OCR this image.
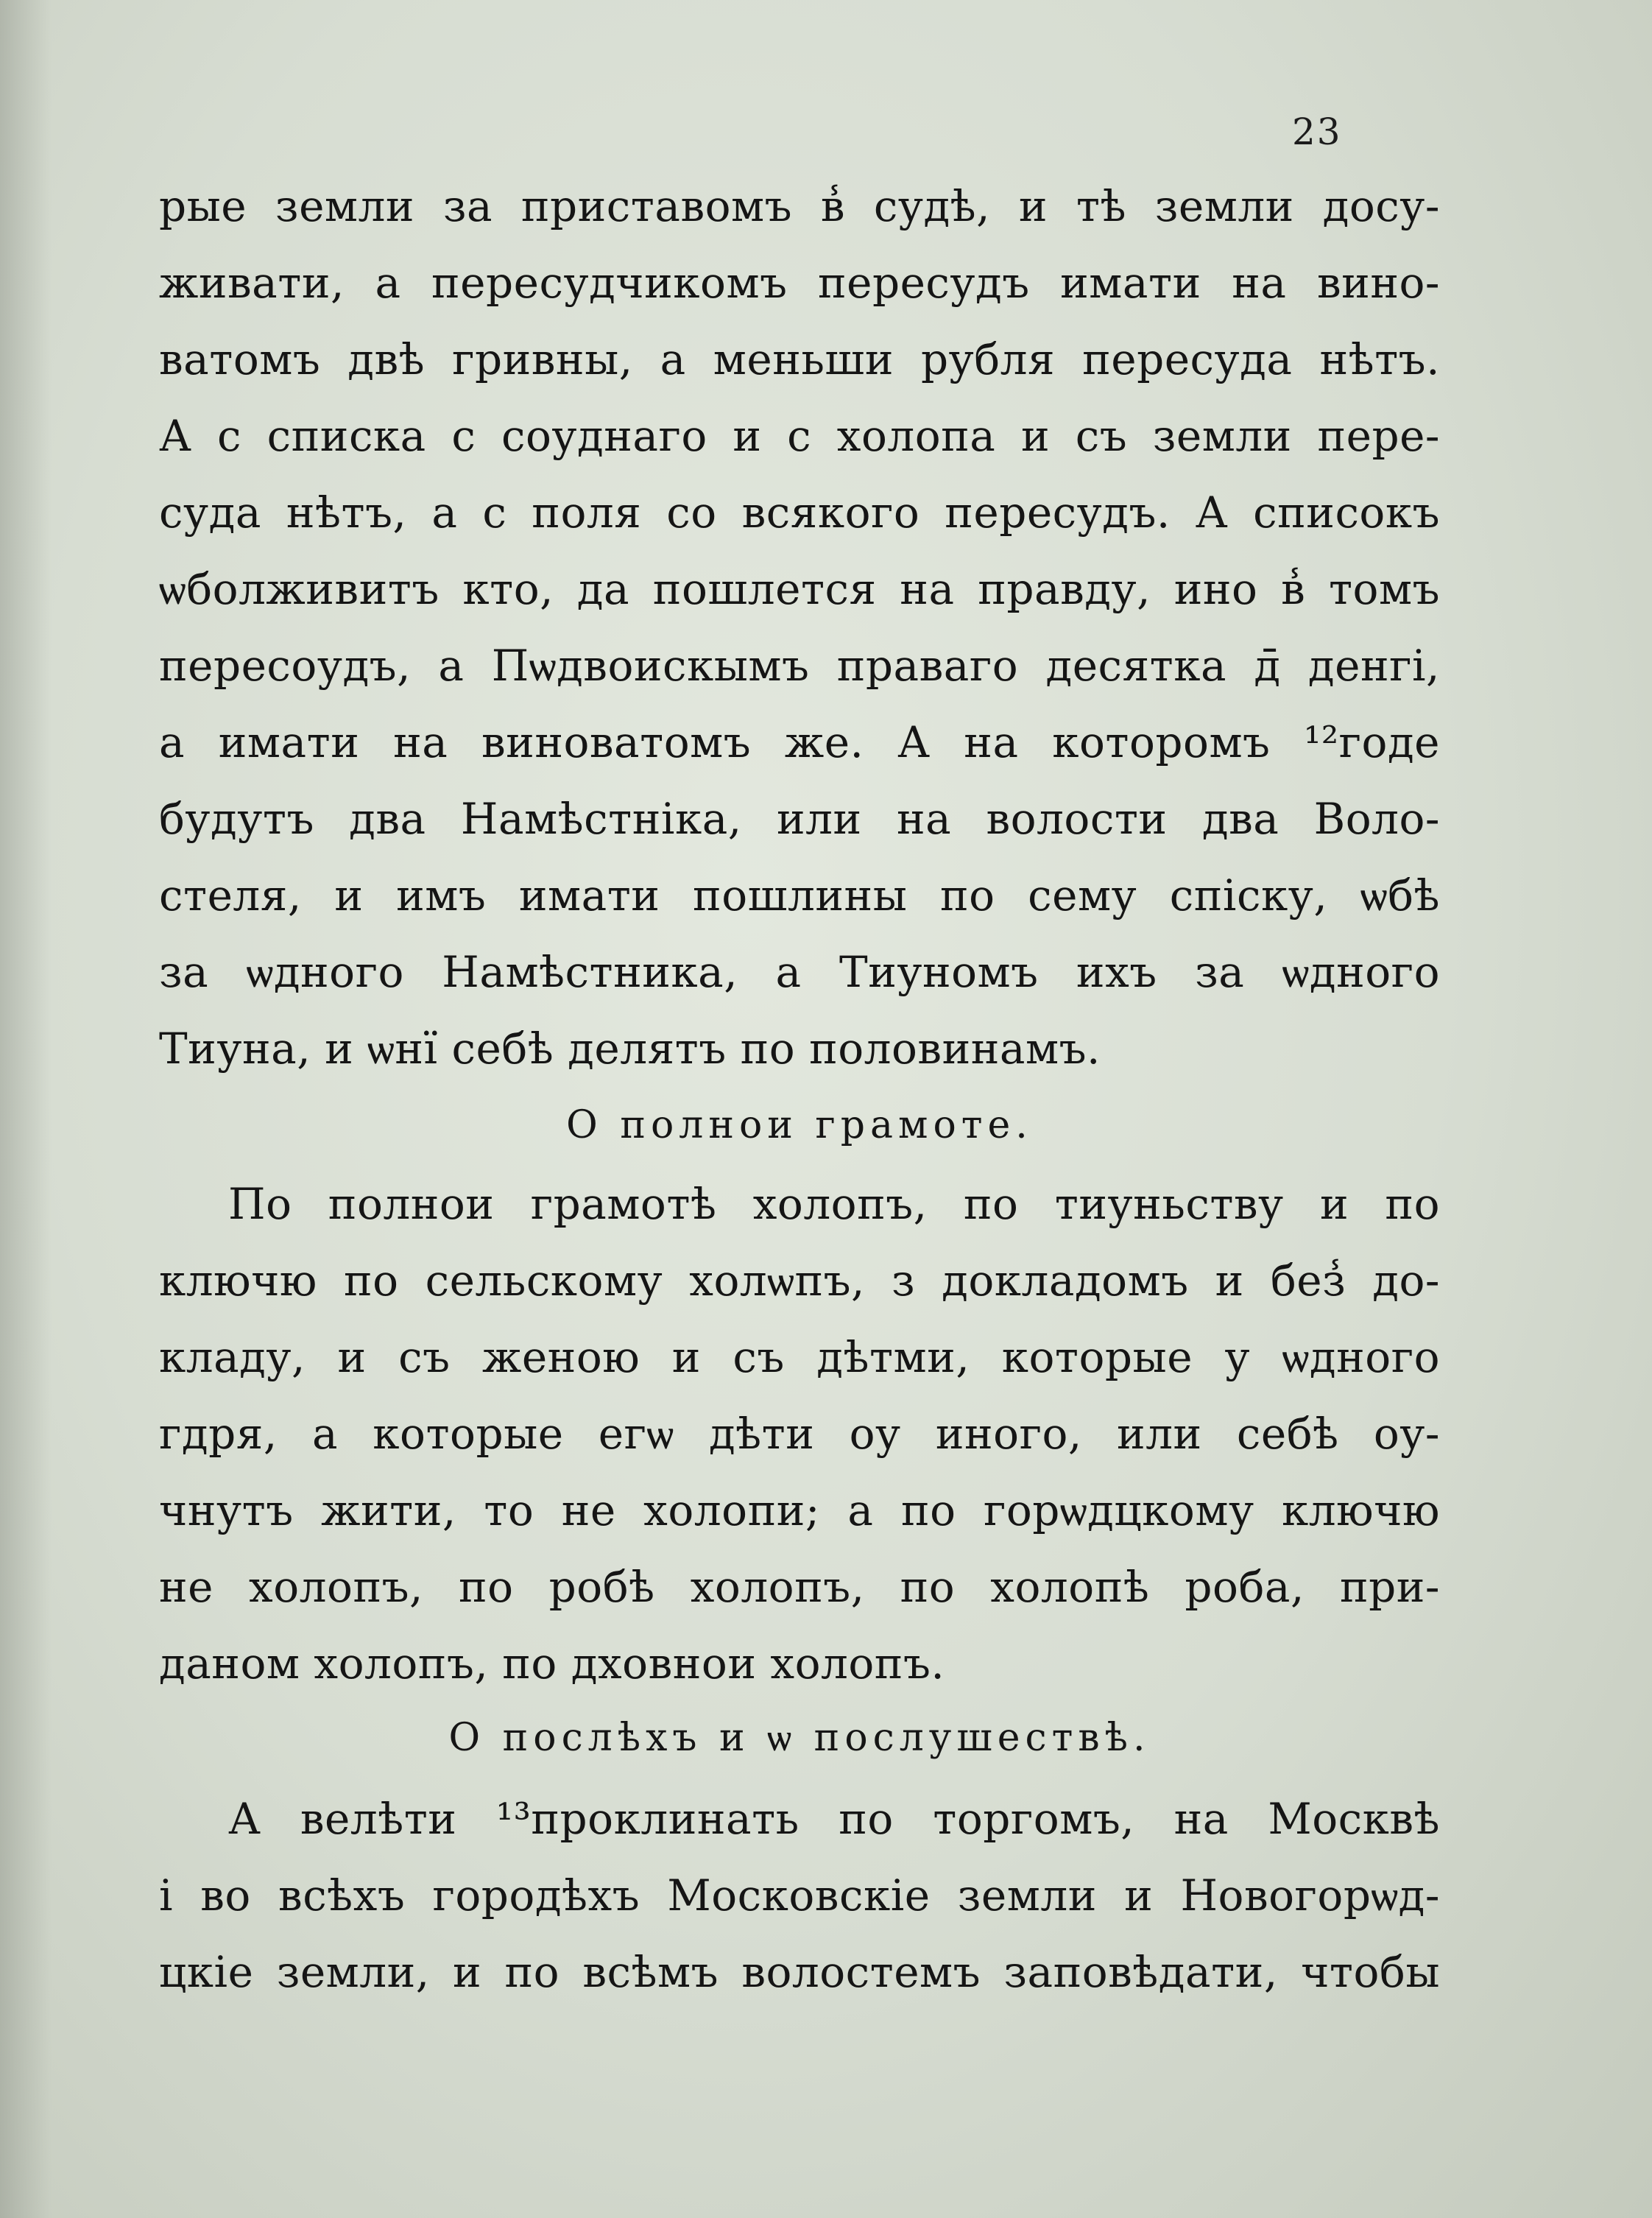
23
рые земли за приставомъ в̾ судѣ, и тѣ земли досу-
живати, а пересудчикомъ пересудъ имати на вино-
ватомъ двѣ гривны, а меньши рубля пересуда нѣтъ.
А с списка с соуднаго и с холопа и съ земли пере-
суда нѣтъ, а с поля со всякого пересудъ. А списокъ
ѡболживитъ кто, да пошлется на правду, ино в̾ томъ
пересоудъ, а Пѡдвоискымъ праваго десятка д̄ денгі,
а имати на виноватомъ же. А на которомъ ¹²годе
будутъ два Намѣстніка, или на волости два Воло-
стеля, и имъ имати пошлины по сему спіску, ѡбѣ
за ѡдного Намѣстника, а Тиуномъ ихъ за ѡдного
Тиуна, и ѡнї себѣ делятъ по половинамъ.
О полнои грамоте.
По полнои грамотѣ холопъ, по тиуньству и по
ключю по сельскому холѡпъ, з докладомъ и без̾ до-
кладу, и съ женою и съ дѣтми, которые у ѡдного
гдря, а которые егѡ дѣти оу иного, или себѣ оу-
чнутъ жити, то не холопи; а по горѡдцкому ключю
не холопъ, по робѣ холопъ, по холопѣ роба, при-
даном холопъ, по дховнои холопъ.
О послѣхъ и ѡ послушествѣ.
А велѣти ¹³проклинать по торгомъ, на Москвѣ
і во всѣхъ городѣхъ Московскіе земли и Новогорѡд-
цкіе земли, и по всѣмъ волостемъ заповѣдати, чтобы
